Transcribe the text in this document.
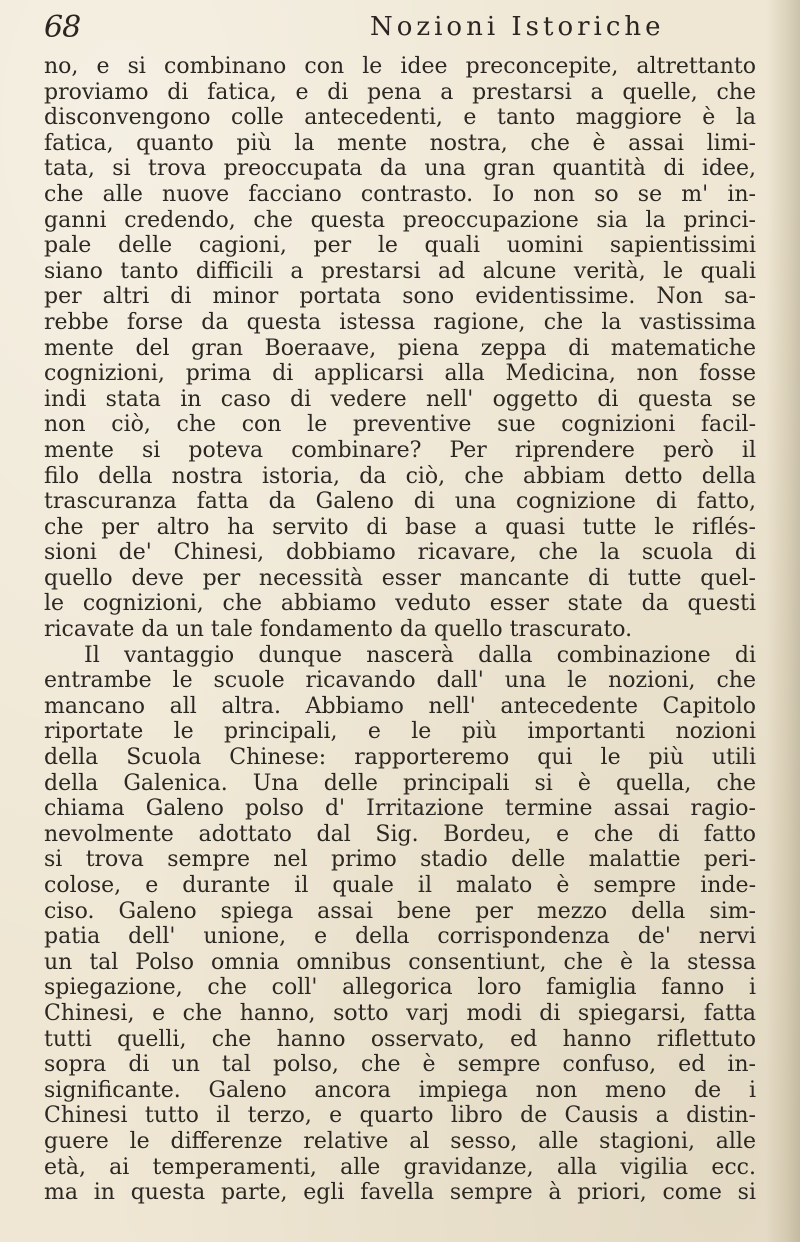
68	Nozioni Istoriche
no, e si combinano con le idee preconcepite, altrettanto
proviamo di fatica, e di pena a prestarsi a quelle, che
disconvengono colle antecedenti, e tanto maggiore è la
fatica, quanto più la mente nostra, che è assai limi-
tata, si trova preoccupata da una gran quantità di idee,
che alle nuove facciano contrasto. Io non so se m' in-
ganni credendo, che questa preoccupazione sia la princi-
pale delle cagioni, per le quali uomini sapientissimi
siano tanto difficili a prestarsi ad alcune verità, le quali
per altri di minor portata sono evidentissime. Non sa-
rebbe forse da questa istessa ragione, che la vastissima
mente del gran Boeraave, piena zeppa di matematiche
cognizioni, prima di applicarsi alla Medicina, non fosse
indi stata in caso di vedere nell' oggetto di questa se
non ciò, che con le preventive sue cognizioni facil-
mente si poteva combinare? Per riprendere però il
filo della nostra istoria, da ciò, che abbiam detto della
trascuranza fatta da Galeno di una cognizione di fatto,
che per altro ha servito di base a quasi tutte le riflés-
sioni de' Chinesi, dobbiamo ricavare, che la scuola di
quello deve per necessità esser mancante di tutte quel-
le cognizioni, che abbiamo veduto esser state da questi
ricavate da un tale fondamento da quello trascurato.
Il vantaggio dunque nascerà dalla combinazione di
entrambe le scuole ricavando dall' una le nozioni, che
mancano all altra. Abbiamo nell' antecedente Capitolo
riportate le principali, e le più importanti nozioni
della Scuola Chinese: rapporteremo qui le più utili
della Galenica. Una delle principali si è quella, che
chiama Galeno polso d' Irritazione termine assai ragio-
nevolmente adottato dal Sig. Bordeu, e che di fatto
si trova sempre nel primo stadio delle malattie peri-
colose, e durante il quale il malato è sempre inde-
ciso. Galeno spiega assai bene per mezzo della sim-
patia dell' unione, e della corrispondenza de' nervi
un tal Polso omnia omnibus consentiunt, che è la stessa
spiegazione, che coll' allegorica loro famiglia fanno i
Chinesi, e che hanno, sotto varj modi di spiegarsi, fatta
tutti quelli, che hanno osservato, ed hanno riflettuto
sopra di un tal polso, che è sempre confuso, ed in-
significante. Galeno ancora impiega non meno de i
Chinesi tutto il terzo, e quarto libro de Causis a distin-
guere le differenze relative al sesso, alle stagioni, alle
età, ai temperamenti, alle gravidanze, alla vigilia ecc.
ma in questa parte, egli favella sempre à priori, come si
